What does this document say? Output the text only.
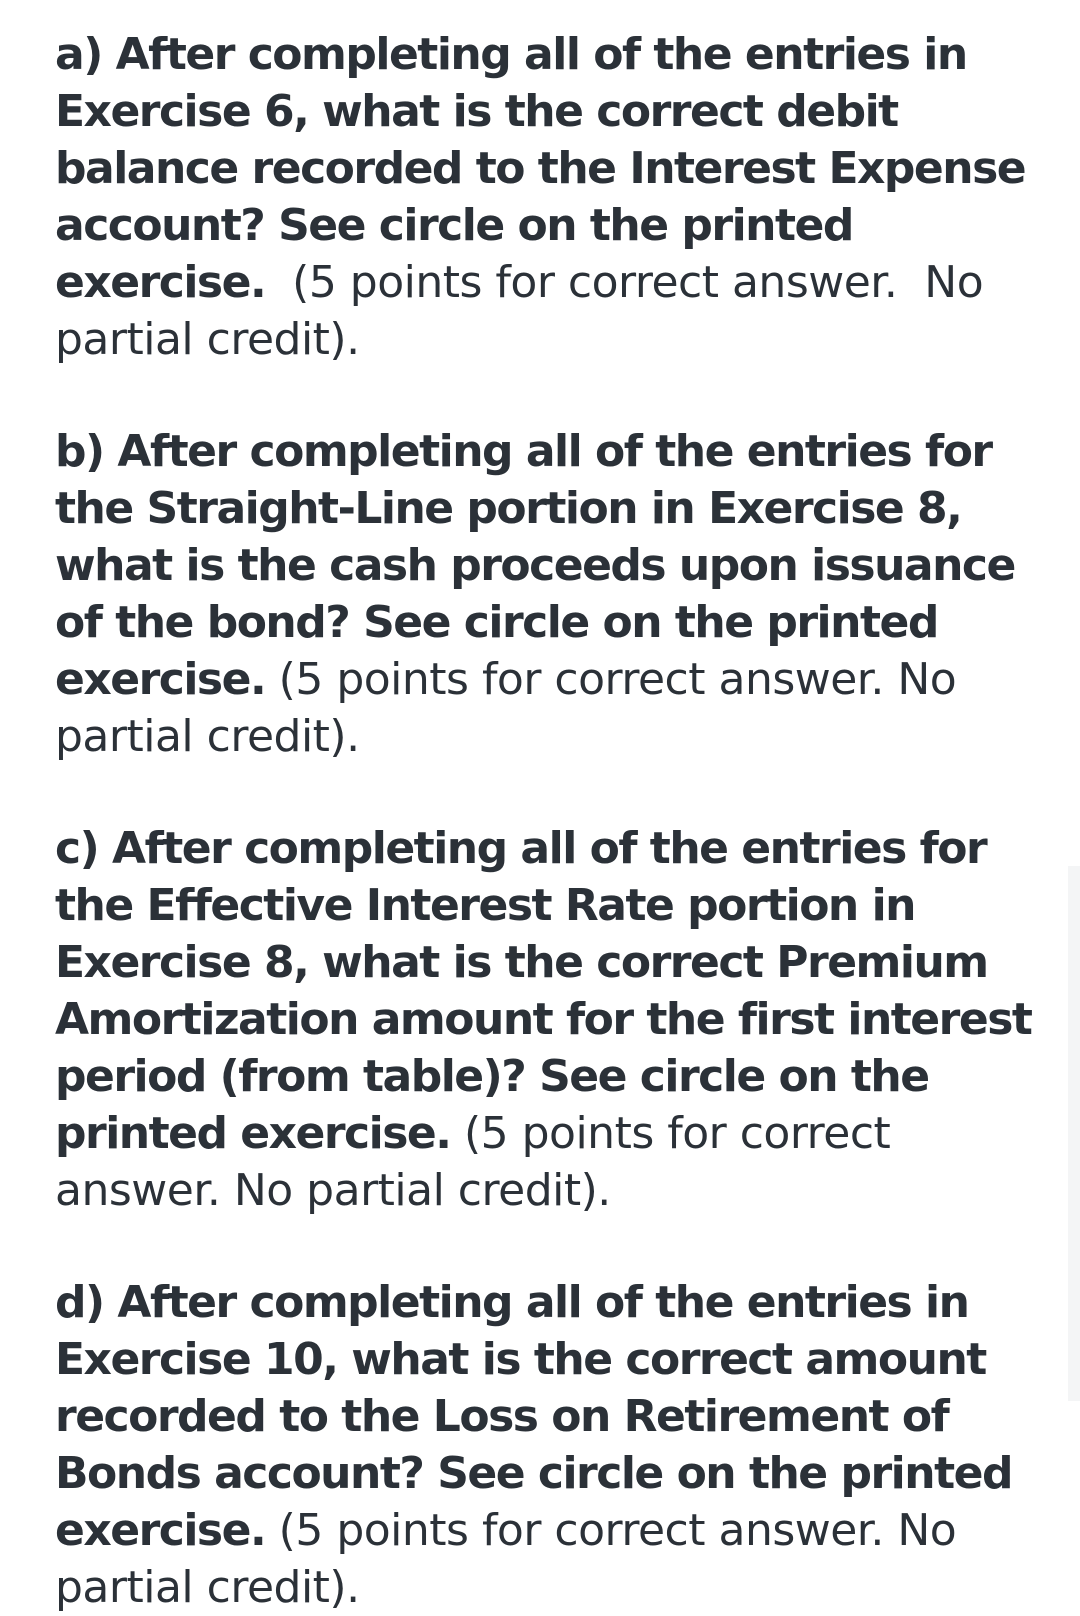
a) After completing all of the entries in Exercise 6, what is the correct debit balance recorded to the Interest Expense account? See circle on the printed exercise.  (5 points for correct answer.  No partial credit).

b) After completing all of the entries for the Straight-Line portion in Exercise 8, what is the cash proceeds upon issuance of the bond? See circle on the printed exercise. (5 points for correct answer. No partial credit).

c) After completing all of the entries for the Effective Interest Rate portion in Exercise 8, what is the correct Premium Amortization amount for the first interest period (from table)? See circle on the printed exercise. (5 points for correct answer. No partial credit).

d) After completing all of the entries in Exercise 10, what is the correct amount recorded to the Loss on Retirement of Bonds account? See circle on the printed exercise. (5 points for correct answer. No partial credit).
